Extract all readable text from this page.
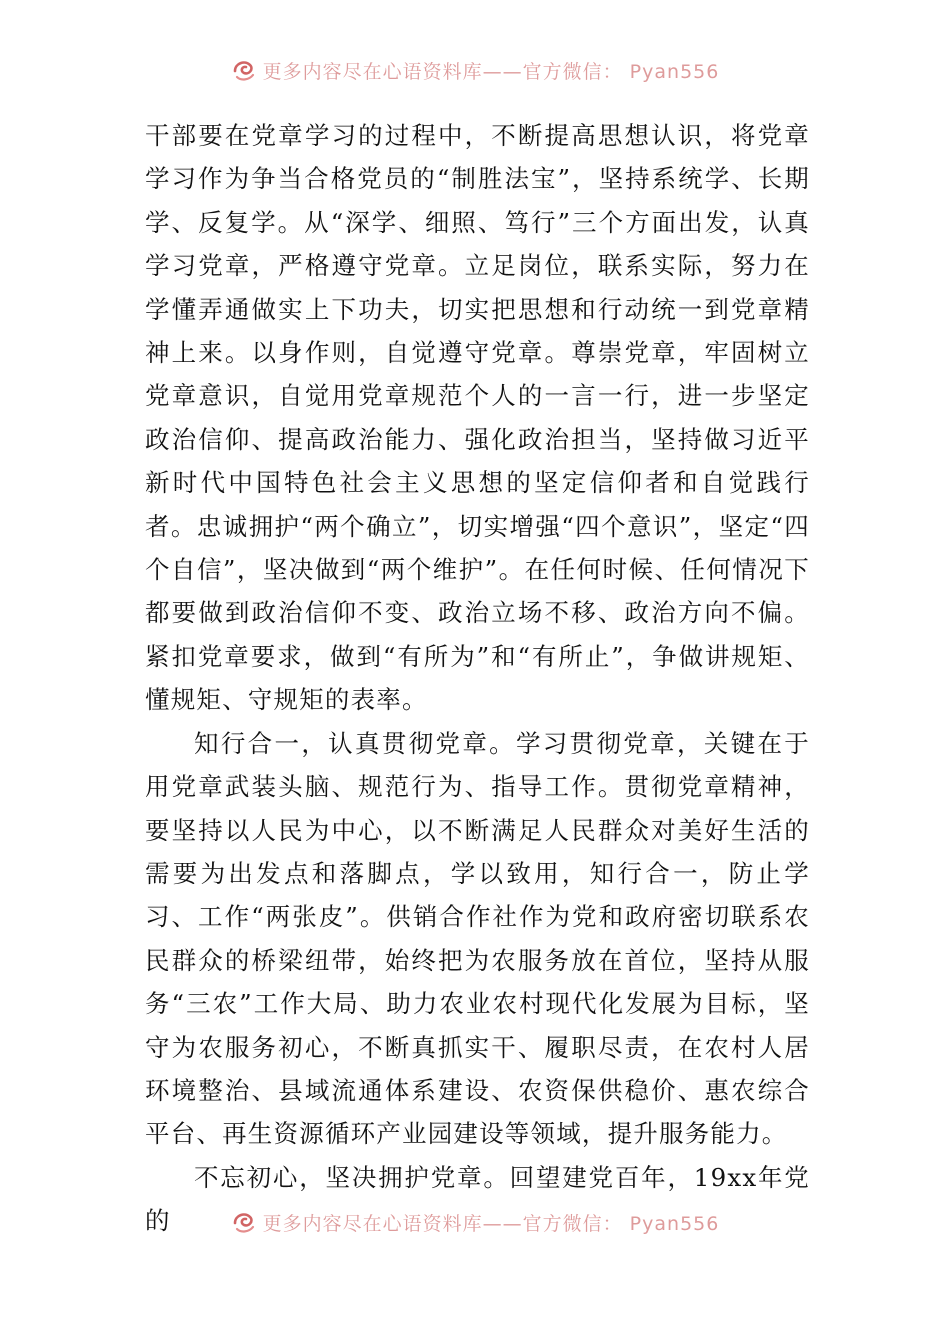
更多内容尽在心语资料库——官方微信： Pyan556

干部要在党章学习的过程中，不断提高思想认识，将党章学习作为争当合格党员的“制胜法宝”，坚持系统学、长期学、反复学。从“深学、细照、笃行”三个方面出发，认真学习党章，严格遵守党章。立足岗位，联系实际，努力在学懂弄通做实上下功夫，切实把思想和行动统一到党章精神上来。以身作则，自觉遵守党章。尊崇党章，牢固树立党章意识，自觉用党章规范个人的一言一行，进一步坚定政治信仰、提高政治能力、强化政治担当，坚持做习近平新时代中国特色社会主义思想的坚定信仰者和自觉践行者。忠诚拥护“两个确立”，切实增强“四个意识”，坚定“四个自信”，坚决做到“两个维护”。在任何时候、任何情况下都要做到政治信仰不变、政治立场不移、政治方向不偏。紧扣党章要求，做到“有所为”和“有所止”，争做讲规矩、懂规矩、守规矩的表率。

知行合一，认真贯彻党章。学习贯彻党章，关键在于用党章武装头脑、规范行为、指导工作。贯彻党章精神，要坚持以人民为中心，以不断满足人民群众对美好生活的需要为出发点和落脚点，学以致用，知行合一，防止学习、工作“两张皮”。供销合作社作为党和政府密切联系农民群众的桥梁纽带，始终把为农服务放在首位，坚持从服务“三农”工作大局、助力农业农村现代化发展为目标，坚守为农服务初心，不断真抓实干、履职尽责，在农村人居环境整治、县域流通体系建设、农资保供稳价、惠农综合平台、再生资源循环产业园建设等领域，提升服务能力。

不忘初心，坚决拥护党章。回望建党百年，19xx年党的	更多内容尽在心语资料库——官方微信： Pyan556
